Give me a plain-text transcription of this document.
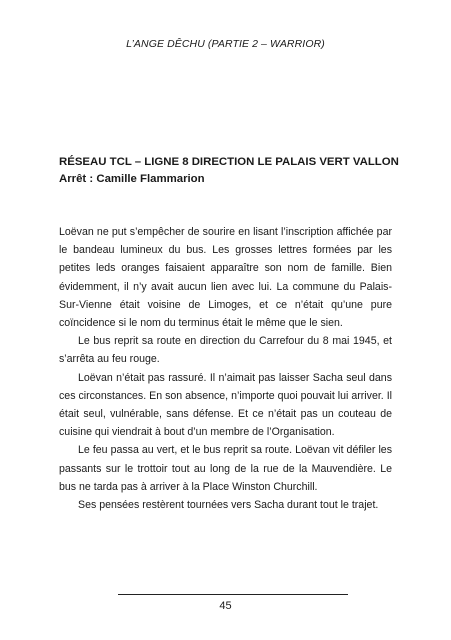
L’ANGE DÊCHU (PARTIE 2 – WARRIOR)
RÉSEAU TCL – LIGNE 8 DIRECTION LE PALAIS VERT VALLON
Arrêt : Camille Flammarion

Loëvan ne put s’empêcher de sourire en lisant l’inscription affichée par le bandeau lumineux du bus. Les grosses lettres formées par les petites leds oranges faisaient apparaître son nom de famille. Bien évidemment, il n’y avait aucun lien avec lui. La commune du Palais-Sur-Vienne était voisine de Limoges, et ce n’était qu’une pure coïncidence si le nom du terminus était le même que le sien.

Le bus reprit sa route en direction du Carrefour du 8 mai 1945, et s’arrêta au feu rouge.

Loëvan n’était pas rassuré. Il n’aimait pas laisser Sacha seul dans ces circonstances. En son absence, n’importe quoi pouvait lui arriver. Il était seul, vulnérable, sans défense. Et ce n’était pas un couteau de cuisine qui viendrait à bout d’un membre de l’Organisation.

Le feu passa au vert, et le bus reprit sa route. Loëvan vit défiler les passants sur le trottoir tout au long de la rue de la Mauvendière. Le bus ne tarda pas à arriver à la Place Winston Churchill.

Ses pensées restèrent tournées vers Sacha durant tout le trajet.

45
